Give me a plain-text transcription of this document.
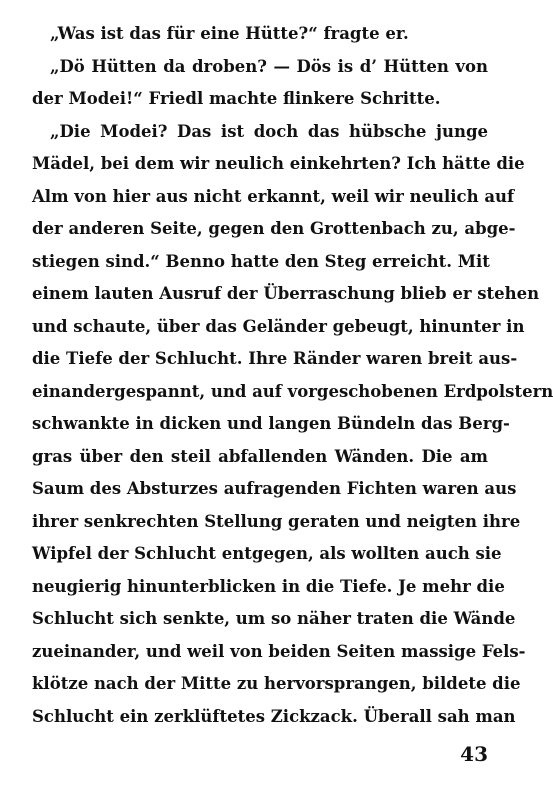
„Was ist das für eine Hütte?“ fragte er.
„Dö Hütten da droben? — Dös is d’ Hütten von
der Modei!“ Friedl machte flinkere Schritte.
„Die Modei? Das ist doch das hübsche junge
Mädel, bei dem wir neulich einkehrten? Ich hätte die
Alm von hier aus nicht erkannt, weil wir neulich auf
der anderen Seite, gegen den Grottenbach zu, abge-
stiegen sind.“ Benno hatte den Steg erreicht. Mit
einem lauten Ausruf der Überraschung blieb er stehen
und schaute, über das Geländer gebeugt, hinunter in
die Tiefe der Schlucht. Ihre Ränder waren breit aus-
einandergespannt, und auf vorgeschobenen Erdpolstern
schwankte in dicken und langen Bündeln das Berg-
gras über den steil abfallenden Wänden. Die am
Saum des Absturzes aufragenden Fichten waren aus
ihrer senkrechten Stellung geraten und neigten ihre
Wipfel der Schlucht entgegen, als wollten auch sie
neugierig hinunterblicken in die Tiefe. Je mehr die
Schlucht sich senkte, um so näher traten die Wände
zueinander, und weil von beiden Seiten massige Fels-
klötze nach der Mitte zu hervorsprangen, bildete die
Schlucht ein zerklüftetes Zickzack. Überall sah man
43
